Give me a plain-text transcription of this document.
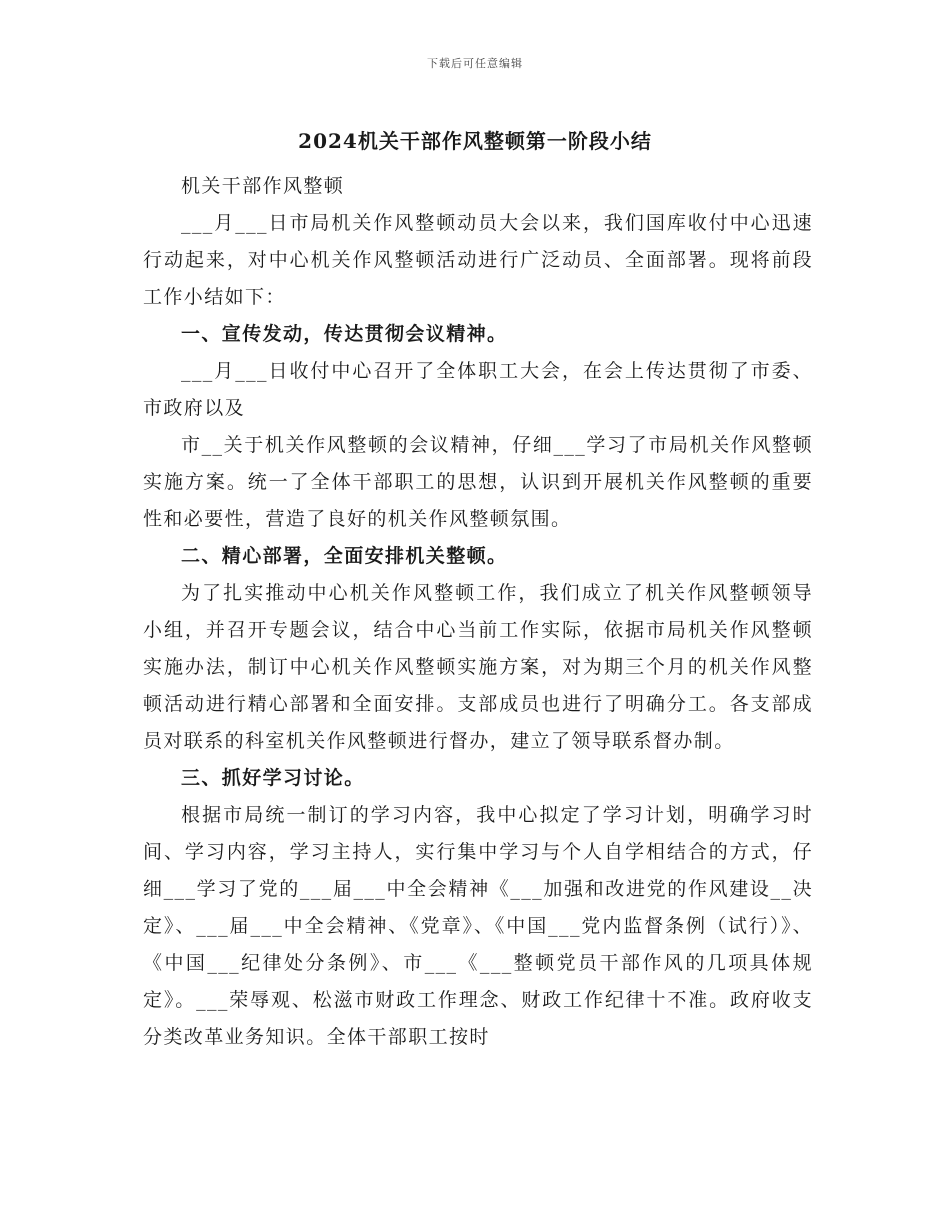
下载后可任意编辑
2024机关干部作风整顿第一阶段小结

机关干部作风整顿

___月___日市局机关作风整顿动员大会以来，我们国库收付中心迅速行动起来，对中心机关作风整顿活动进行广泛动员、全面部署。现将前段工作小结如下：

一、宣传发动，传达贯彻会议精神。

___月___日收付中心召开了全体职工大会，在会上传达贯彻了市委、市政府以及

市__关于机关作风整顿的会议精神，仔细___学习了市局机关作风整顿实施方案。统一了全体干部职工的思想，认识到开展机关作风整顿的重要性和必要性，营造了良好的机关作风整顿氛围。

二、精心部署，全面安排机关整顿。

为了扎实推动中心机关作风整顿工作，我们成立了机关作风整顿领导小组，并召开专题会议，结合中心当前工作实际，依据市局机关作风整顿实施办法，制订中心机关作风整顿实施方案，对为期三个月的机关作风整顿活动进行精心部署和全面安排。支部成员也进行了明确分工。各支部成员对联系的科室机关作风整顿进行督办，建立了领导联系督办制。

三、抓好学习讨论。

根据市局统一制订的学习内容，我中心拟定了学习计划，明确学习时间、学习内容，学习主持人，实行集中学习与个人自学相结合的方式，仔细___学习了党的___届___中全会精神《___加强和改进党的作风建设__决定》、___届___中全会精神、《党章》、《中国___党内监督条例（试行）》、《中国___纪律处分条例》、市___《___整顿党员干部作风的几项具体规定》。___荣辱观、松滋市财政工作理念、财政工作纪律十不准。政府收支分类改革业务知识。全体干部职工按时
